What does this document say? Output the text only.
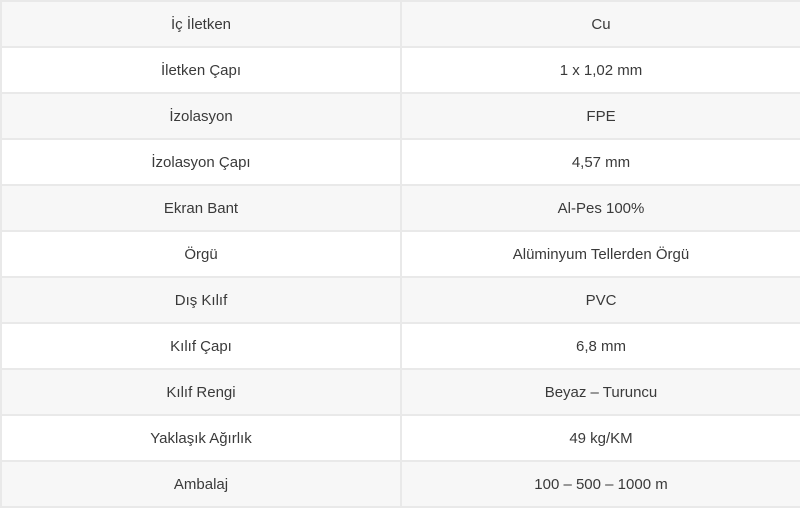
İç İletken	Cu
İletken Çapı	1 x 1,02 mm
İzolasyon	FPE
İzolasyon Çapı	4,57 mm
Ekran Bant	Al-Pes 100%
Örgü	Alüminyum Tellerden Örgü
Dış Kılıf	PVC
Kılıf Çapı	6,8 mm
Kılıf Rengi	Beyaz – Turuncu
Yaklaşık Ağırlık	49 kg/KM
Ambalaj	100 – 500 – 1000 m
